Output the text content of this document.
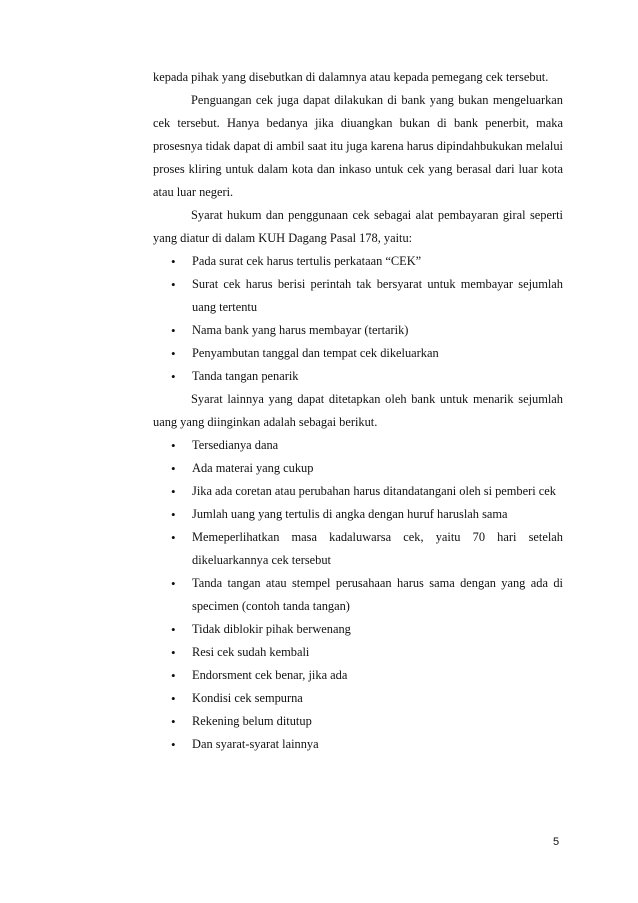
kepada pihak yang disebutkan di dalamnya atau kepada pemegang cek tersebut.

Penguangan cek juga dapat dilakukan di bank yang bukan mengeluarkan cek tersebut. Hanya bedanya jika diuangkan bukan di bank penerbit, maka prosesnya tidak dapat di ambil saat itu juga karena harus dipindahbukukan melalui proses kliring untuk dalam kota dan inkaso untuk cek yang berasal dari luar kota atau luar negeri.

Syarat hukum dan penggunaan cek sebagai alat pembayaran giral seperti yang diatur di dalam KUH Dagang Pasal 178, yaitu:

• Pada surat cek harus tertulis perkataan “CEK”
• Surat cek harus berisi perintah tak bersyarat untuk membayar sejumlah uang tertentu
• Nama bank yang harus membayar (tertarik)
• Penyambutan tanggal dan tempat cek dikeluarkan
• Tanda tangan penarik

Syarat lainnya yang dapat ditetapkan oleh bank untuk menarik sejumlah uang yang diinginkan adalah sebagai berikut.

• Tersedianya dana
• Ada materai yang cukup
• Jika ada coretan atau perubahan harus ditandatangani oleh si pemberi cek
• Jumlah uang yang tertulis di angka dengan huruf haruslah sama
• Memeperlihatkan masa kadaluwarsa cek, yaitu 70 hari setelah dikeluarkannya cek tersebut
• Tanda tangan atau stempel perusahaan harus sama dengan yang ada di specimen (contoh tanda tangan)
• Tidak diblokir pihak berwenang
• Resi cek sudah kembali
• Endorsment cek benar, jika ada
• Kondisi cek sempurna
• Rekening belum ditutup
• Dan syarat-syarat lainnya
5
